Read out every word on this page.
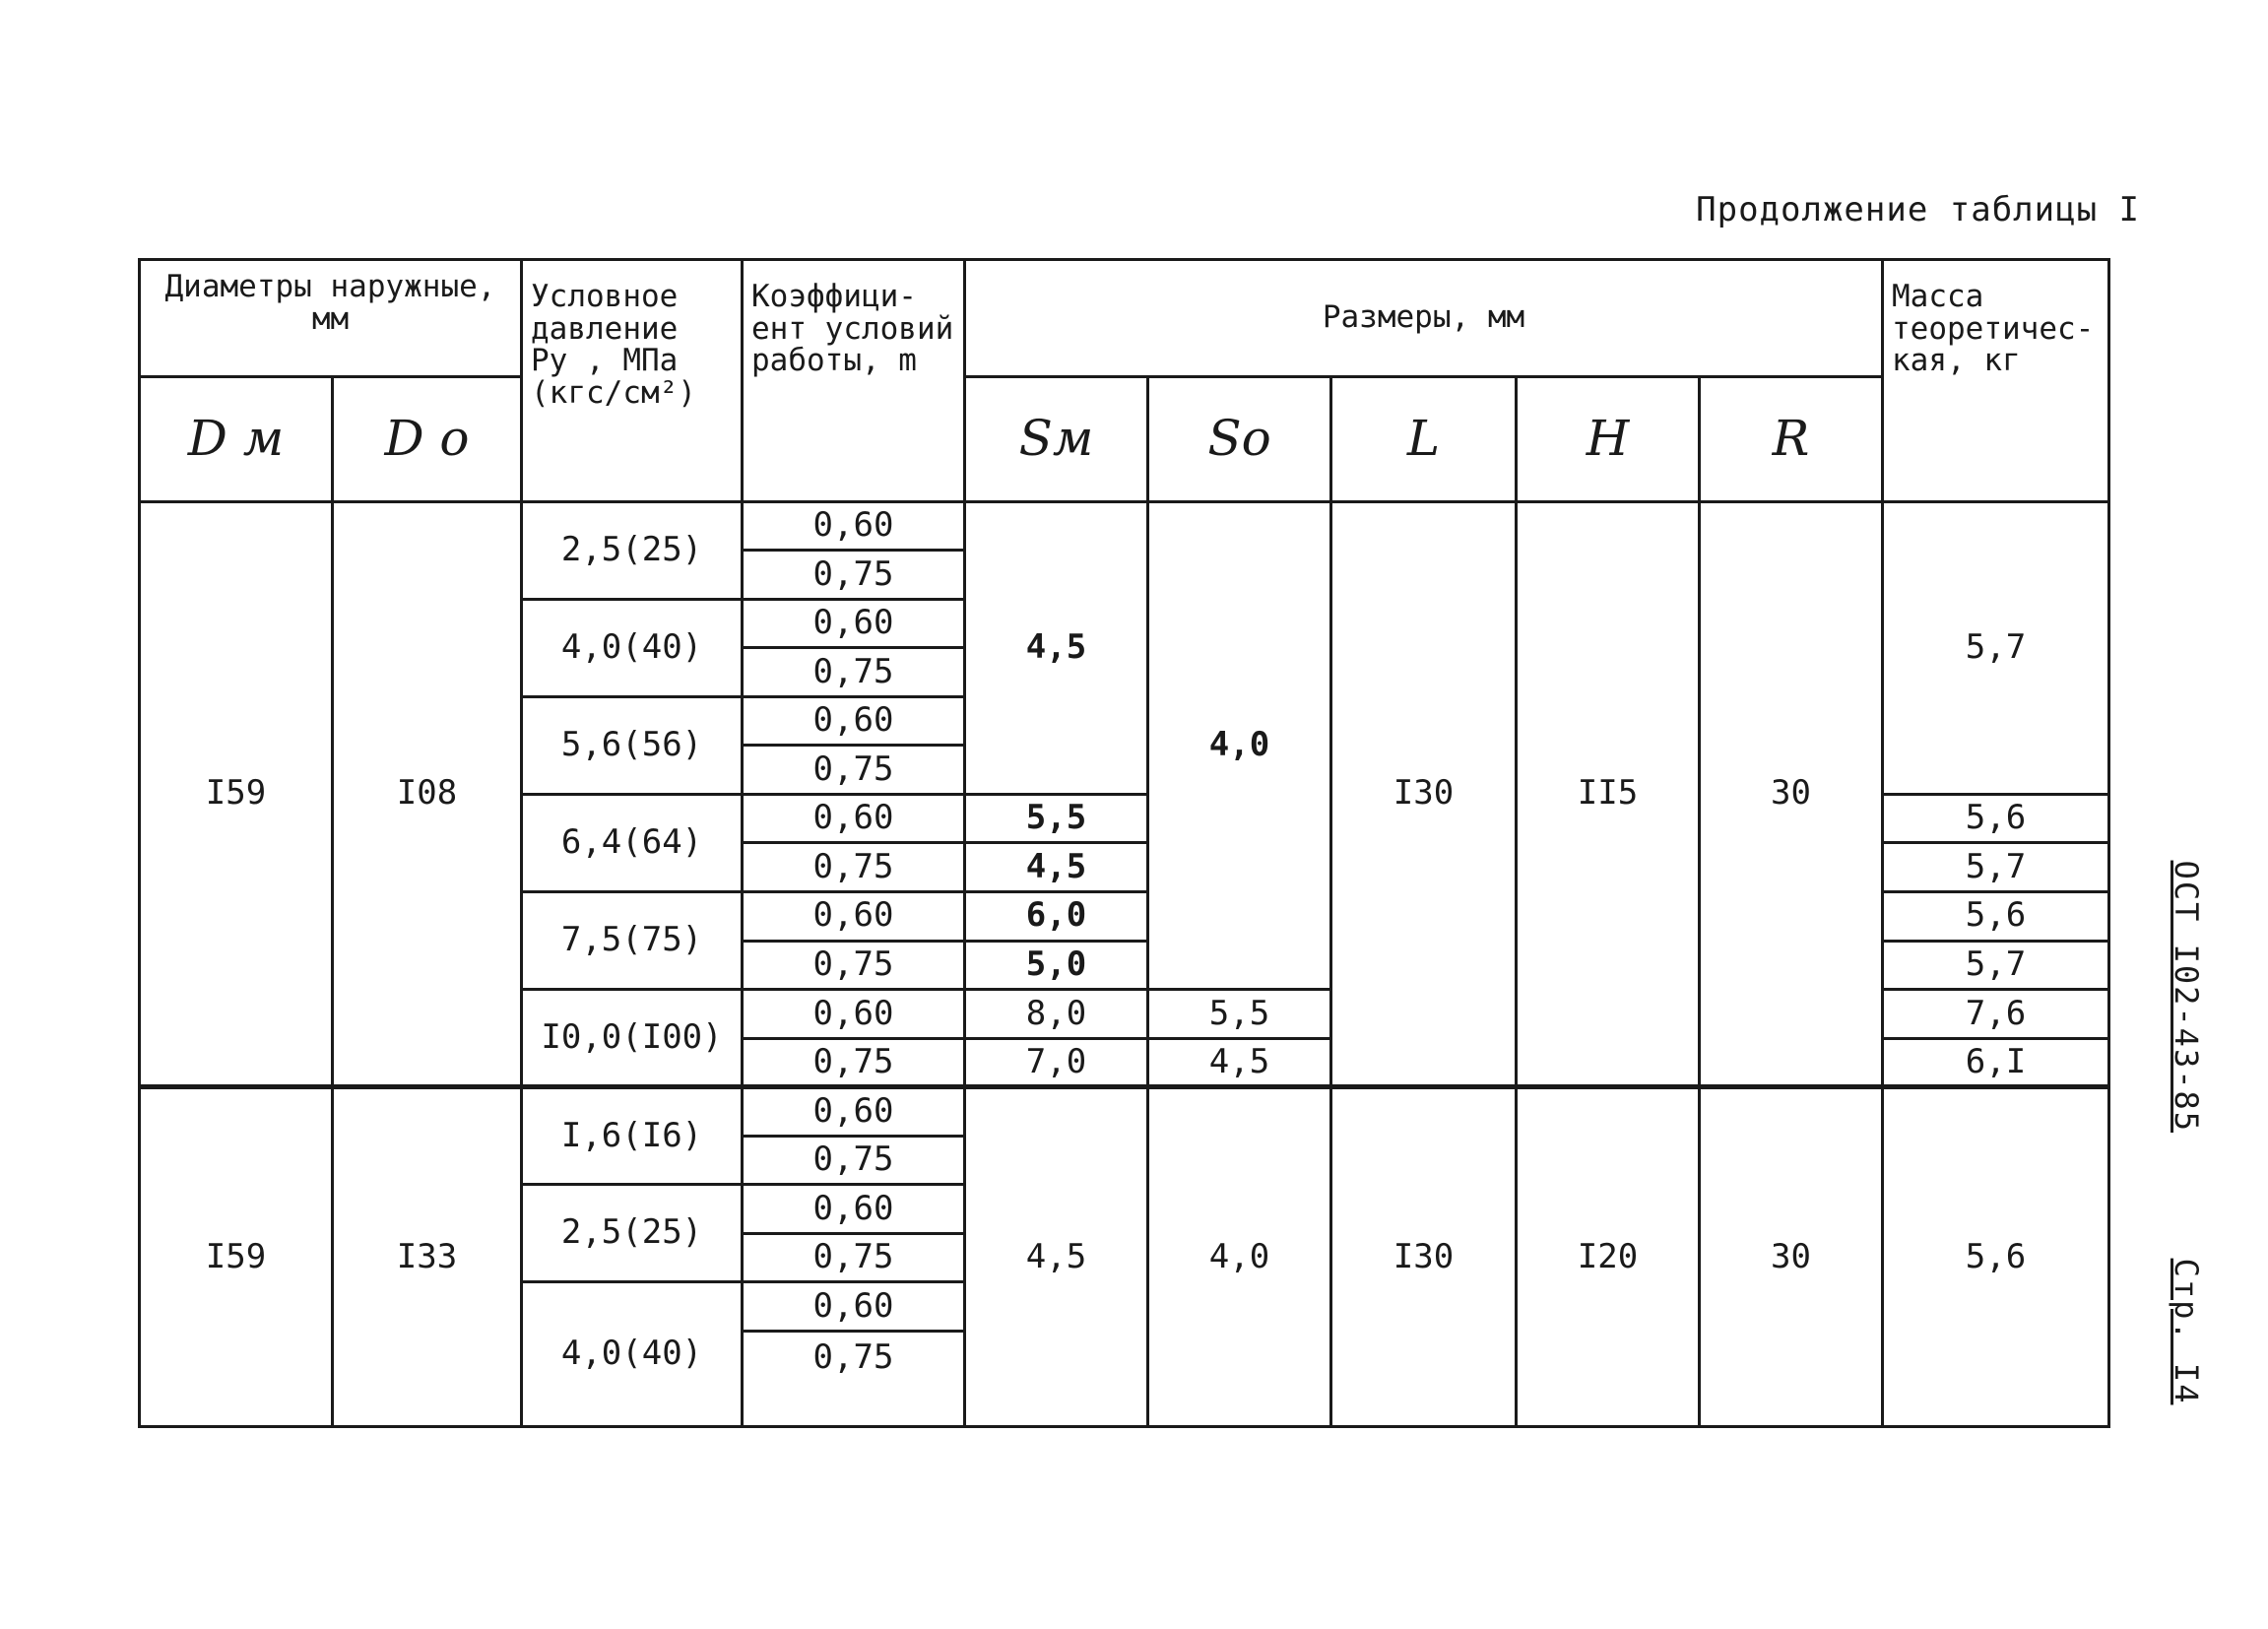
Продолжение таблицы I
ОСТ I02-43-85      Стр. I4
Диаметры наружные, мм		Условное давление Pу , МПа (кгс/см²)	Коэффици-ент условий работы, m	Размеры, мм					Масса теоретичес-кая, кг
D м	D о			Sм	Sо	L	H	R	
I59	I08	2,5(25)	0,60	4,5	4,0	I30	II5	30	5,7
			0,75						
		4,0(40)	0,60						
			0,75						
		5,6(56)	0,60						
			0,75						
		6,4(64)	0,60	5,5					5,6
			0,75	4,5					5,7
		7,5(75)	0,60	6,0					5,6
			0,75	5,0					5,7
		I0,0(I00)	0,60	8,0	5,5				7,6
			0,75	7,0	4,5				6,I
I59	I33	I,6(I6)	0,60	4,5	4,0	I30	I20	30	5,6
			0,75						
		2,5(25)	0,60						
			0,75						
		4,0(40)	0,60						
			0,75						
